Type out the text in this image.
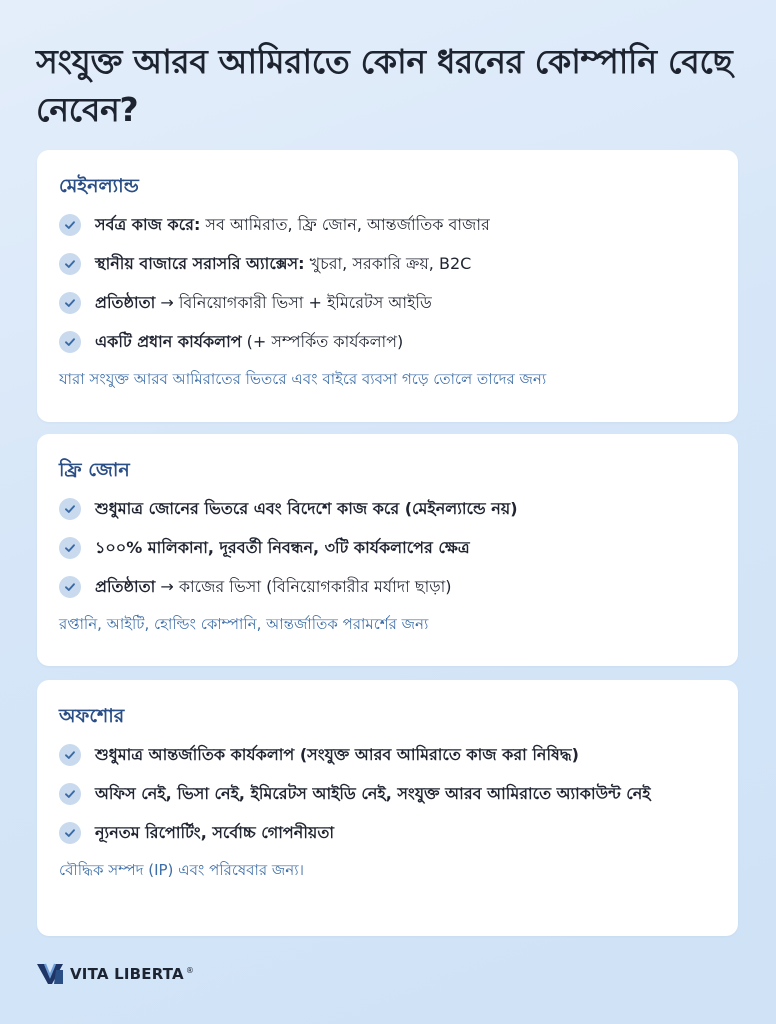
সংযুক্ত আরব আমিরাতে কোন ধরনের কোম্পানি বেছে নেবেন?
মেইনল্যান্ড

সর্বত্র কাজ করে: সব আমিরাত, ফ্রি জোন, আন্তর্জাতিক বাজার

স্থানীয় বাজারে সরাসরি অ্যাক্সেস: খুচরা, সরকারি ক্রয়, B2C

প্রতিষ্ঠাতা → বিনিয়োগকারী ভিসা + ইমিরেটস আইডি

একটি প্রধান কার্যকলাপ (+ সম্পর্কিত কার্যকলাপ)

যারা সংযুক্ত আরব আমিরাতের ভিতরে এবং বাইরে ব্যবসা গড়ে তোলে তাদের জন্য

ফ্রি জোন

শুধুমাত্র জোনের ভিতরে এবং বিদেশে কাজ করে (মেইনল্যান্ডে নয়)

১০০% মালিকানা, দূরবর্তী নিবন্ধন, ৩টি কার্যকলাপের ক্ষেত্র

প্রতিষ্ঠাতা → কাজের ভিসা (বিনিয়োগকারীর মর্যাদা ছাড়া)

রপ্তানি, আইটি, হোল্ডিং কোম্পানি, আন্তর্জাতিক পরামর্শের জন্য

অফশোর

শুধুমাত্র আন্তর্জাতিক কার্যকলাপ (সংযুক্ত আরব আমিরাতে কাজ করা নিষিদ্ধ)

অফিস নেই, ভিসা নেই, ইমিরেটস আইডি নেই, সংযুক্ত আরব আমিরাতে অ্যাকাউন্ট নেই

ন্যূনতম রিপোর্টিং, সর্বোচ্চ গোপনীয়তা

বৌদ্ধিক সম্পদ (IP) এবং পরিষেবার জন্য।

VITA LIBERTA ®
